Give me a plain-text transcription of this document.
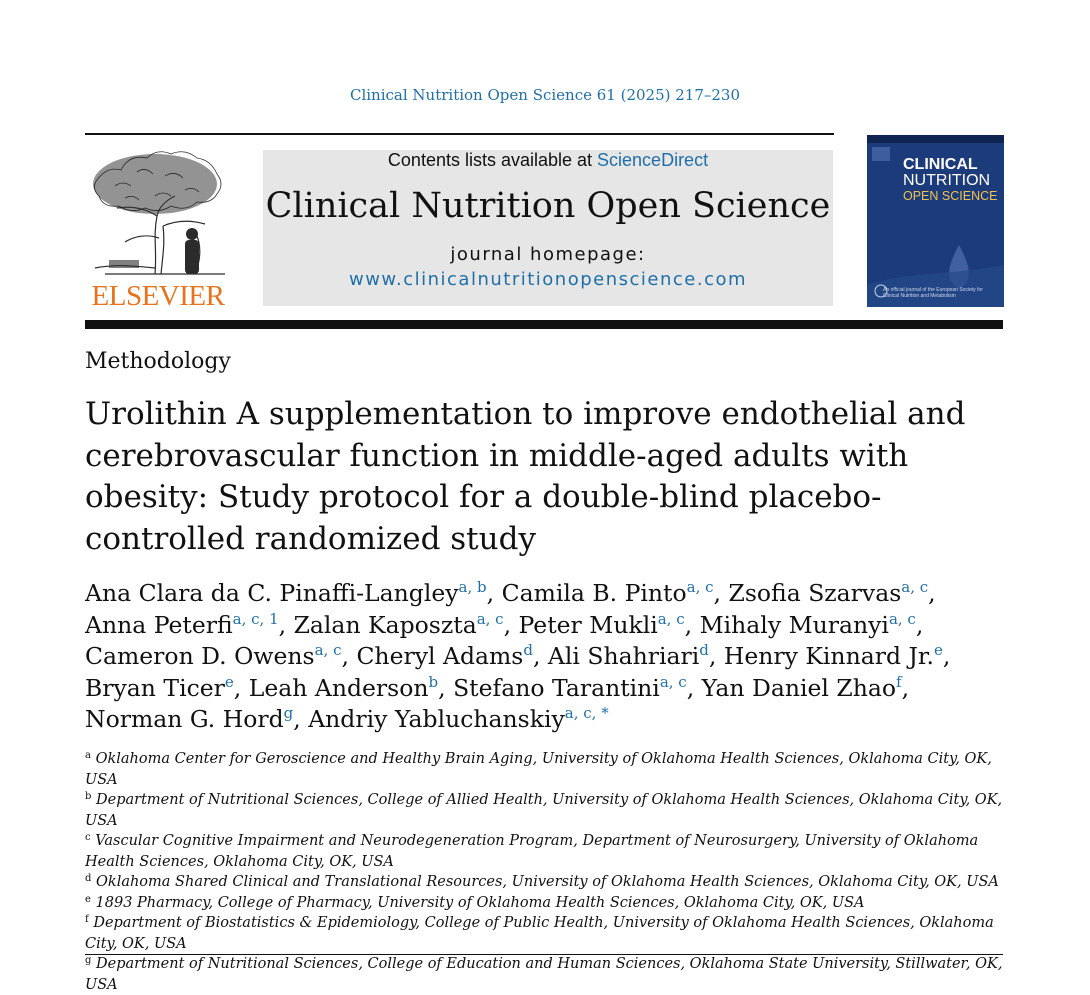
Clinical Nutrition Open Science 61 (2025) 217–230
ELSEVIER
Contents lists available at ScienceDirect
Clinical Nutrition Open Science
journal homepage:
www.clinicalnutritionopenscience.com
CLINICAL
NUTRITION
OPEN SCIENCE
An official journal of the European Society for Clinical Nutrition and Metabolism
Methodology
Urolithin A supplementation to improve endothelial and cerebrovascular function in middle-aged adults with obesity: Study protocol for a double-blind placebo-controlled randomized study
Ana Clara da C. Pinaffi-Langley$^{a, b}$, Camila B. Pinto$^{a, c}$, Zsofia Szarvas$^{a, c}$,
Anna Peterfi$^{a, c, 1}$, Zalan Kaposzta$^{a, c}$, Peter Mukli$^{a, c}$, Mihaly Muranyi$^{a, c}$,
Cameron D. Owens$^{a, c}$, Cheryl Adams$^d$, Ali Shahriari$^d$, Henry Kinnard Jr.$^e$,
Bryan Ticer$^e$, Leah Anderson$^b$, Stefano Tarantini$^{a, c}$, Yan Daniel Zhao$^f$,
Norman G. Hord$^g$, Andriy Yabluchanskiy$^{a, c, *}$

$^a$ Oklahoma Center for Geroscience and Healthy Brain Aging, University of Oklahoma Health Sciences, Oklahoma City, OK, USA

$^b$ Department of Nutritional Sciences, College of Allied Health, University of Oklahoma Health Sciences, Oklahoma City, OK, USA

$^c$ Vascular Cognitive Impairment and Neurodegeneration Program, Department of Neurosurgery, University of Oklahoma Health Sciences, Oklahoma City, OK, USA

$^d$ Oklahoma Shared Clinical and Translational Resources, University of Oklahoma Health Sciences, Oklahoma City, OK, USA

$^e$ 1893 Pharmacy, College of Pharmacy, University of Oklahoma Health Sciences, Oklahoma City, OK, USA

$^f$ Department of Biostatistics & Epidemiology, College of Public Health, University of Oklahoma Health Sciences, Oklahoma City, OK, USA

$^g$ Department of Nutritional Sciences, College of Education and Human Sciences, Oklahoma State University, Stillwater, OK, USA
